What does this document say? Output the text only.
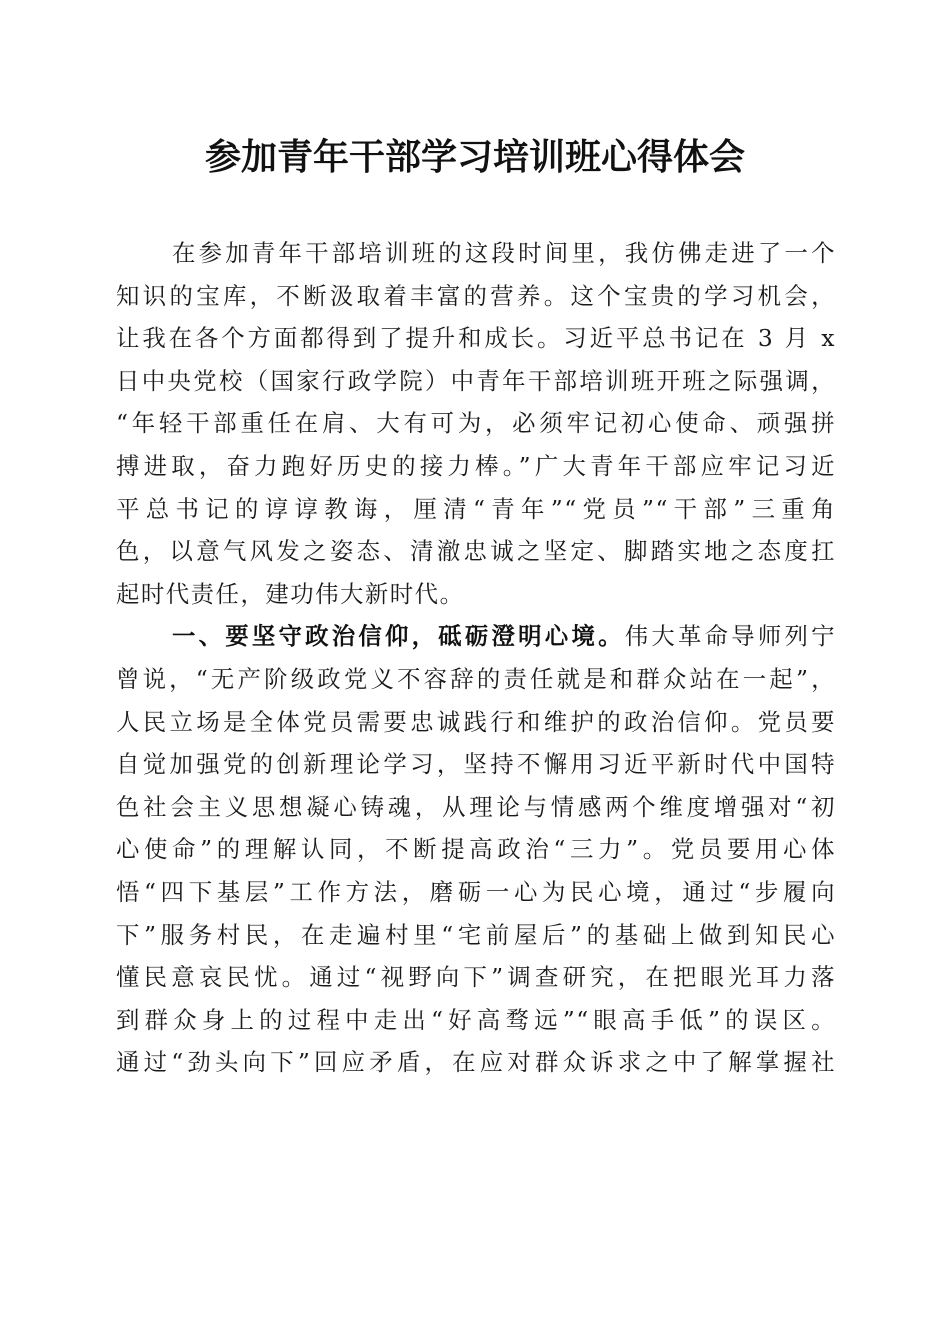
参加青年干部学习培训班心得体会
在参加青年干部培训班的这段时间里，我仿佛走进了一个
知识的宝库，不断汲取着丰富的营养。这个宝贵的学习机会，
让我在各个方面都得到了提升和成长。习近平总书记在 3 月 x
日中央党校（国家行政学院）中青年干部培训班开班之际强调，
“年轻干部重任在肩、大有可为，必须牢记初心使命、顽强拼
搏进取，奋力跑好历史的接力棒。”广大青年干部应牢记习近
平总书记的谆谆教诲，厘清“青年”“党员”“干部”三重角
色，以意气风发之姿态、清澈忠诚之坚定、脚踏实地之态度扛
起时代责任，建功伟大新时代。
一、要坚守政治信仰，砥砺澄明心境。伟大革命导师列宁
曾说，“无产阶级政党义不容辞的责任就是和群众站在一起”，
人民立场是全体党员需要忠诚践行和维护的政治信仰。党员要
自觉加强党的创新理论学习，坚持不懈用习近平新时代中国特
色社会主义思想凝心铸魂，从理论与情感两个维度增强对“初
心使命”的理解认同，不断提高政治“三力”。党员要用心体
悟“四下基层”工作方法，磨砺一心为民心境，通过“步履向
下”服务村民，在走遍村里“宅前屋后”的基础上做到知民心
懂民意哀民忧。通过“视野向下”调查研究，在把眼光耳力落
到群众身上的过程中走出“好高骛远”“眼高手低”的误区。
通过“劲头向下”回应矛盾，在应对群众诉求之中了解掌握社
